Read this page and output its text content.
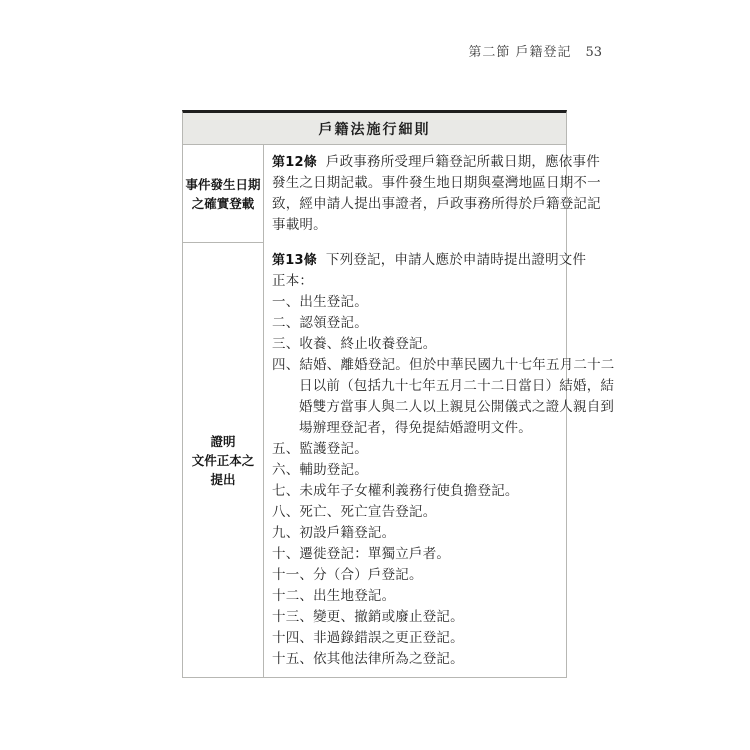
第二節 戶籍登記 53
戶籍法施行細則
事件發生日期
之確實登載
第12條 戶政事務所受理戶籍登記所載日期，應依事件
發生之日期記載。事件發生地日期與臺灣地區日期不一
致，經申請人提出事證者，戶政事務所得於戶籍登記記
事載明。
證明
文件正本之
提出
第13條 下列登記，申請人應於申請時提出證明文件
正本：
一、出生登記。
二、認領登記。
三、收養、終止收養登記。
四、結婚、離婚登記。但於中華民國九十七年五月二十二
日以前（包括九十七年五月二十二日當日）結婚，結
婚雙方當事人與二人以上親見公開儀式之證人親自到
場辦理登記者，得免提結婚證明文件。
五、監護登記。
六、輔助登記。
七、未成年子女權利義務行使負擔登記。
八、死亡、死亡宣告登記。
九、初設戶籍登記。
十、遷徙登記：單獨立戶者。
十一、分（合）戶登記。
十二、出生地登記。
十三、變更、撤銷或廢止登記。
十四、非過錄錯誤之更正登記。
十五、依其他法律所為之登記。
